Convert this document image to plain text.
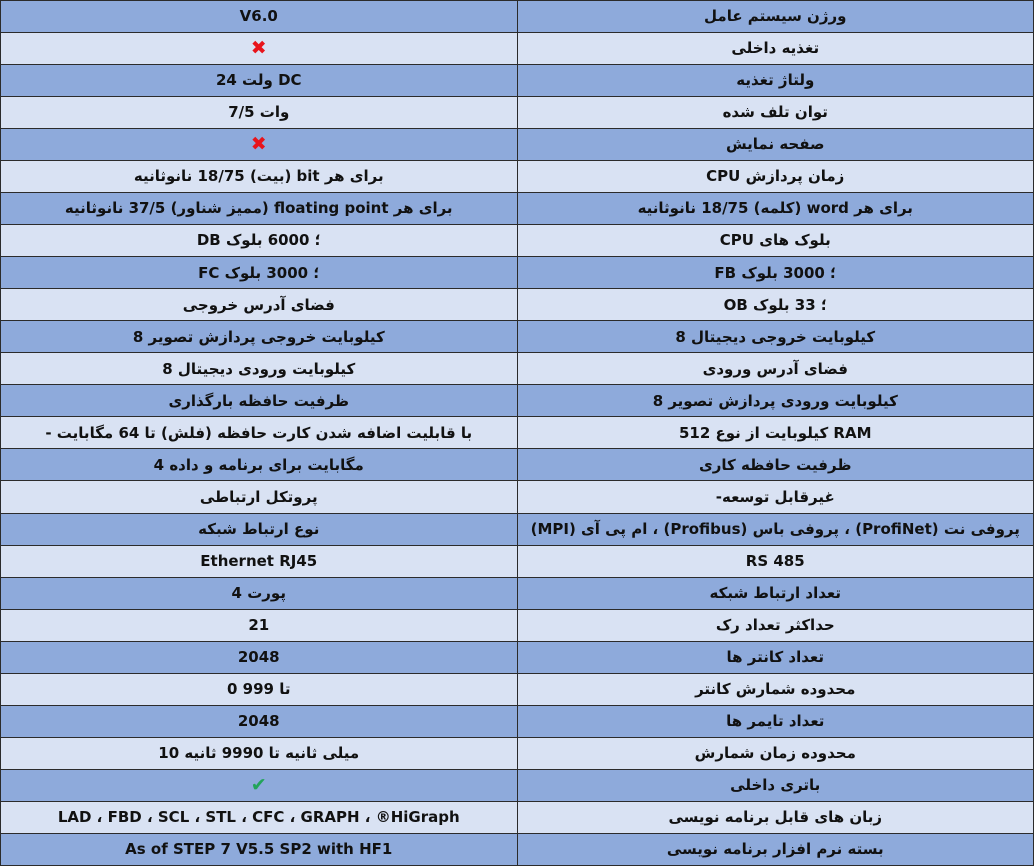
ورژن سیستم عامل	V6.0
تغذیه داخلی	✖
ولتاژ تغذیه	DC ولت 24
توان تلف شده	وات 7/5
صفحه نمایش	✖
زمان پردازش CPU	برای هر bit (بیت) 18/75 نانوثانیه
برای هر word (کلمه) 18/75 نانوثانیه	برای هر floating point (ممیز شناور) 37/5 نانوثانیه
بلوک های CPU	؛ 6000 بلوک DB
؛ 3000 بلوک FB	؛ 3000 بلوک FC
؛ 33 بلوک OB	فضای آدرس خروجی
کیلوبایت خروجی دیجیتال 8	کیلوبایت خروجی پردازش تصویر 8
فضای آدرس ورودی	کیلوبایت ورودی دیجیتال 8
کیلوبایت ورودی پردازش تصویر 8	ظرفیت حافظه بارگذاری
RAM کیلوبایت از نوع 512	با قابلیت اضافه شدن کارت حافظه (فلش) تا 64 مگابایت -
ظرفیت حافظه کاری	مگابایت برای برنامه و داده 4
غیرقابل توسعه-	پروتکل ارتباطی
پروفی نت (ProfiNet) ، پروفی باس (Profibus) ، ام پی آی (MPI)	نوع ارتباط شبکه
RS 485	Ethernet RJ45
تعداد ارتباط شبکه	پورت 4
حداکثر تعداد رک	21
تعداد کانتر ها	2048
محدوده شمارش کانتر	تا 999 0
تعداد تایمر ها	2048
محدوده زمان شمارش	میلی ثانیه تا 9990 ثانیه 10
باتری داخلی	✔
زبان های قابل برنامه نویسی	LAD ، FBD ، SCL ، STL ، CFC ، GRAPH ، ®HiGraph
بسته نرم افزار برنامه نویسی	As of STEP 7 V5.5 SP2 with HF1
